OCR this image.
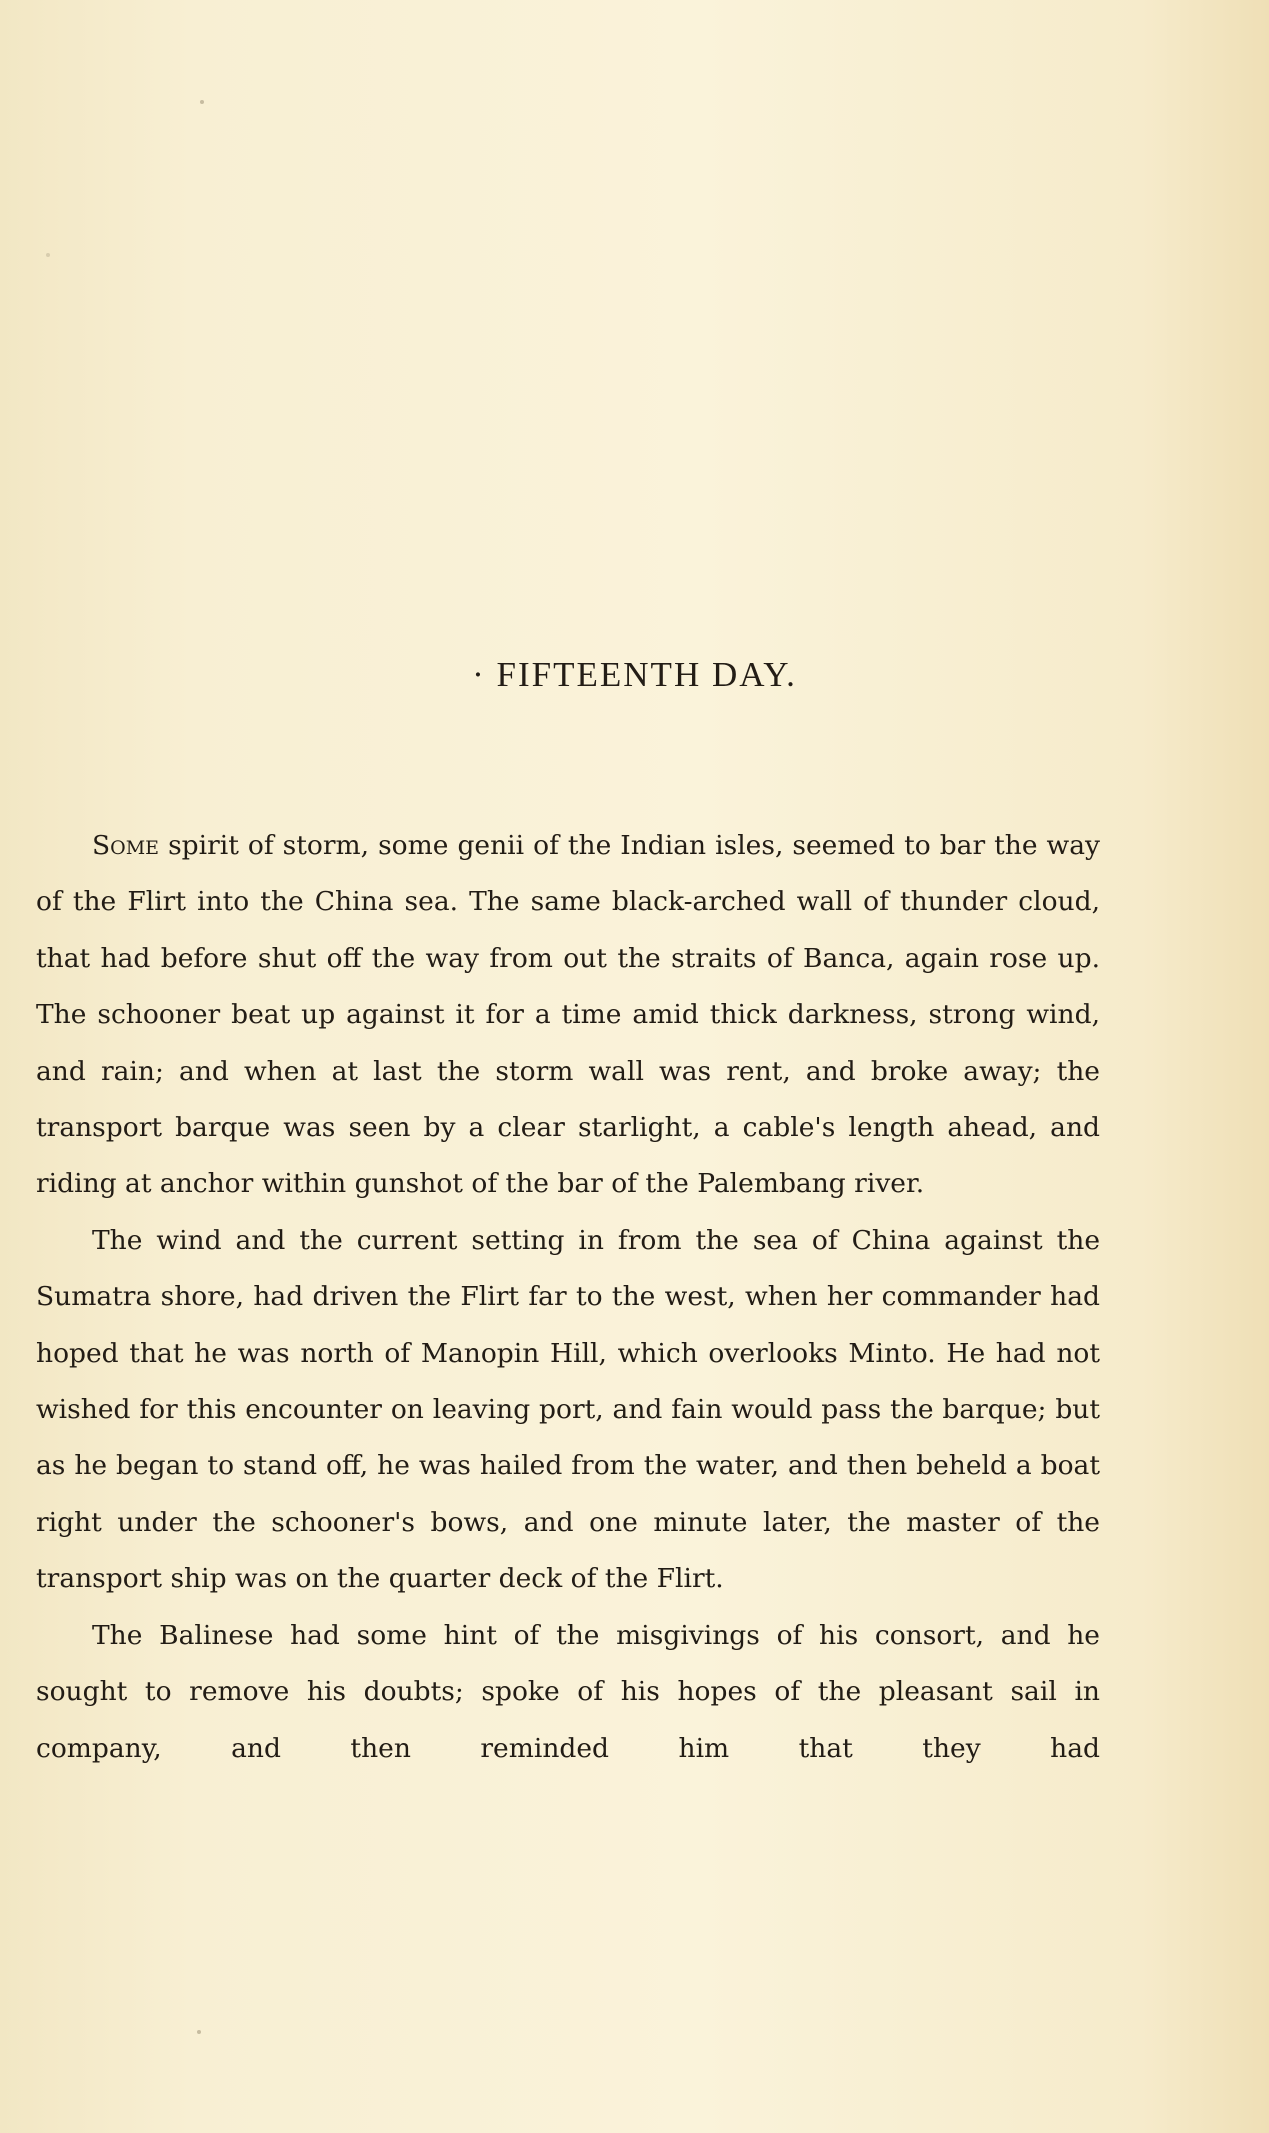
· FIFTEENTH DAY.

Some spirit of storm, some genii of the Indian isles, seemed to bar the way of the Flirt into the China sea. The same black-arched wall of thunder cloud, that had before shut off the way from out the straits of Banca, again rose up. The schooner beat up against it for a time amid thick darkness, strong wind, and rain; and when at last the storm wall was rent, and broke away; the transport barque was seen by a clear starlight, a cable's length ahead, and riding at anchor within gunshot of the bar of the Palembang river.

The wind and the current setting in from the sea of China against the Sumatra shore, had driven the Flirt far to the west, when her commander had hoped that he was north of Manopin Hill, which overlooks Minto. He had not wished for this encounter on leaving port, and fain would pass the barque; but as he began to stand off, he was hailed from the water, and then beheld a boat right under the schooner's bows, and one minute later, the master of the transport ship was on the quarter deck of the Flirt.

The Balinese had some hint of the misgivings of his consort, and he sought to remove his doubts; spoke of his hopes of the pleasant sail in company, and then reminded him that they had
